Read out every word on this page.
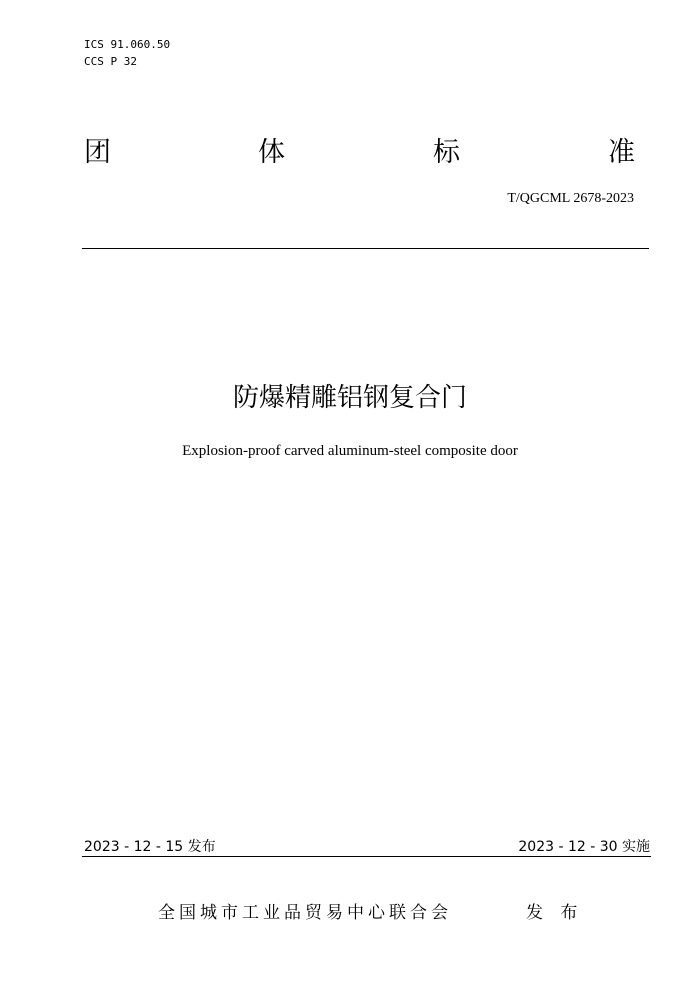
ICS 91.060.50
CCS P 32
团	体	标	准
T/QGCML 2678-2023
防爆精雕铝钢复合门
Explosion-proof carved aluminum-steel composite door
2023 - 12 - 15 发布	2023 - 12 - 30 实施
全国城市工业品贸易中心联合会	发 布
